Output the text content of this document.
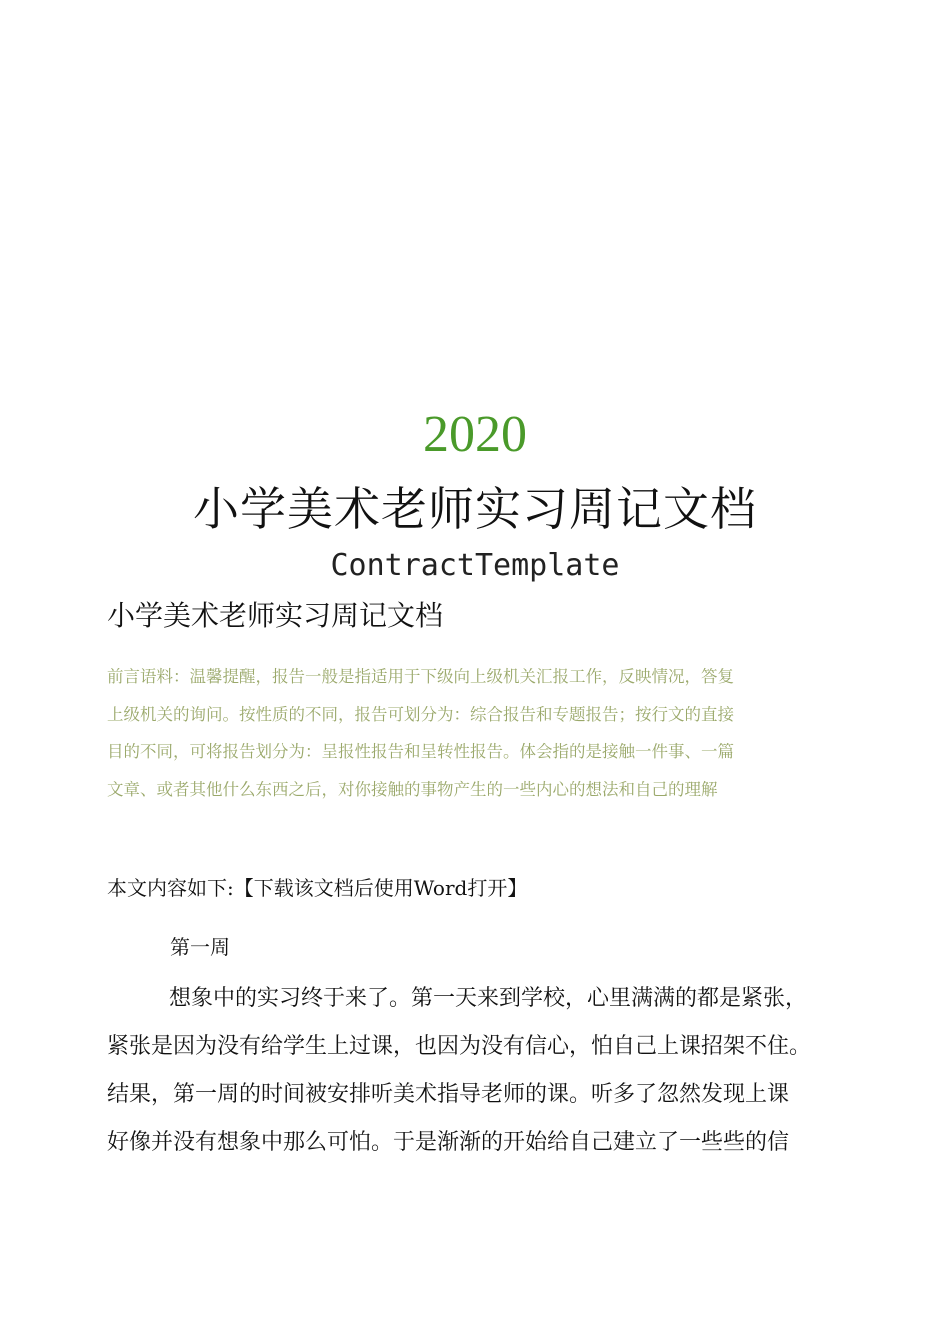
2020
小学美术老师实习周记文档
ContractTemplate
小学美术老师实习周记文档
前言语料：温馨提醒，报告一般是指适用于下级向上级机关汇报工作，反映情况，答复
上级机关的询问。按性质的不同，报告可划分为：综合报告和专题报告；按行文的直接
目的不同，可将报告划分为：呈报性报告和呈转性报告。体会指的是接触一件事、一篇
文章、或者其他什么东西之后，对你接触的事物产生的一些内心的想法和自己的理解
本文内容如下:【下载该文档后使用Word打开】
第一周
想象中的实习终于来了。第一天来到学校，心里满满的都是紧张，
紧张是因为没有给学生上过课，也因为没有信心，怕自己上课招架不住。
结果，第一周的时间被安排听美术指导老师的课。听多了忽然发现上课
好像并没有想象中那么可怕。于是渐渐的开始给自己建立了一些些的信
